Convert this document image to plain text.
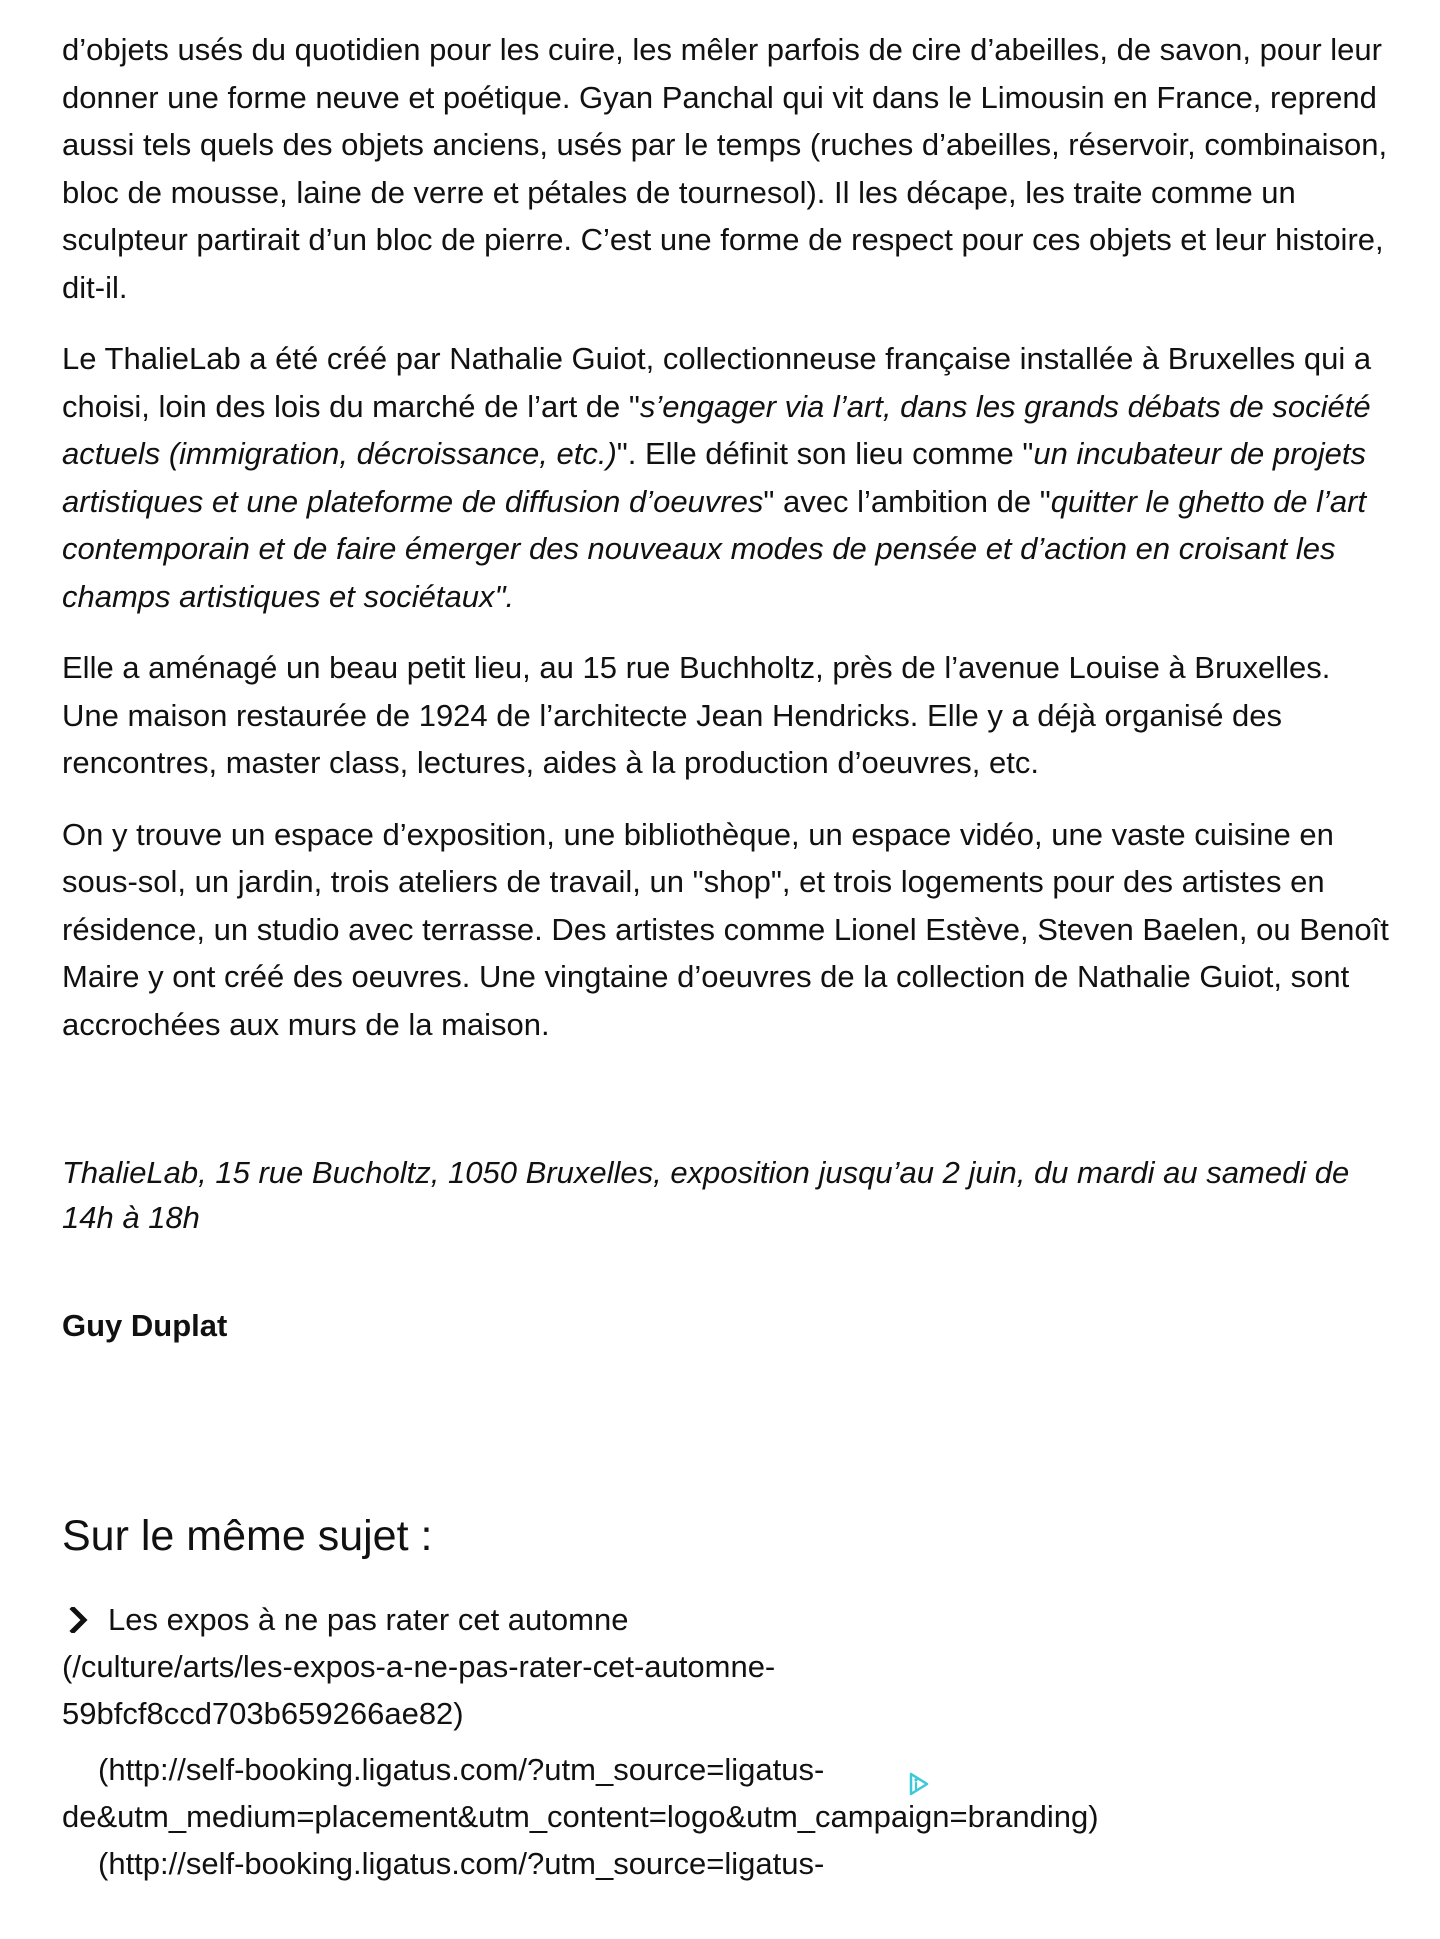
d’objets usés du quotidien pour les cuire, les mêler parfois de cire d’abeilles, de savon, pour leur donner une forme neuve et poétique. Gyan Panchal qui vit dans le Limousin en France, reprend aussi tels quels des objets anciens, usés par le temps (ruches d’abeilles, réservoir, combinaison, bloc de mousse, laine de verre et pétales de tournesol). Il les décape, les traite comme un sculpteur partirait d’un bloc de pierre. C’est une forme de respect pour ces objets et leur histoire, dit-il.

Le ThalieLab a été créé par Nathalie Guiot, collectionneuse française installée à Bruxelles qui a choisi, loin des lois du marché de l’art de "s’engager via l’art, dans les grands débats de société actuels (immigration, décroissance, etc.)". Elle définit son lieu comme "un incubateur de projets artistiques et une plateforme de diffusion d’oeuvres" avec l’ambition de "quitter le ghetto de l’art contemporain et de faire émerger des nouveaux modes de pensée et d’action en croisant les champs artistiques et sociétaux".

Elle a aménagé un beau petit lieu, au 15 rue Buchholtz, près de l’avenue Louise à Bruxelles. Une maison restaurée de 1924 de l’architecte Jean Hendricks. Elle y a déjà organisé des rencontres, master class, lectures, aides à la production d’oeuvres, etc.

On y trouve un espace d’exposition, une bibliothèque, un espace vidéo, une vaste cuisine en sous-sol, un jardin, trois ateliers de travail, un "shop", et trois logements pour des artistes en résidence, un studio avec terrasse. Des artistes comme Lionel Estève, Steven Baelen, ou Benoît Maire y ont créé des oeuvres. Une vingtaine d’oeuvres de la collection de Nathalie Guiot, sont accrochées aux murs de la maison.

ThalieLab, 15 rue Bucholtz, 1050 Bruxelles, exposition jusqu’au 2 juin, du mardi au samedi de 14h à 18h

Guy Duplat

Sur le même sujet :
Les expos à ne pas rater cet automne
(/culture/arts/les-expos-a-ne-pas-rater-cet-automne-
59bfcf8ccd703b659266ae82)
(http://self-booking.ligatus.com/?utm_source=ligatus-
de&utm_medium=placement&utm_content=logo&utm_campaign=branding)
(http://self-booking.ligatus.com/?utm_source=ligatus-
